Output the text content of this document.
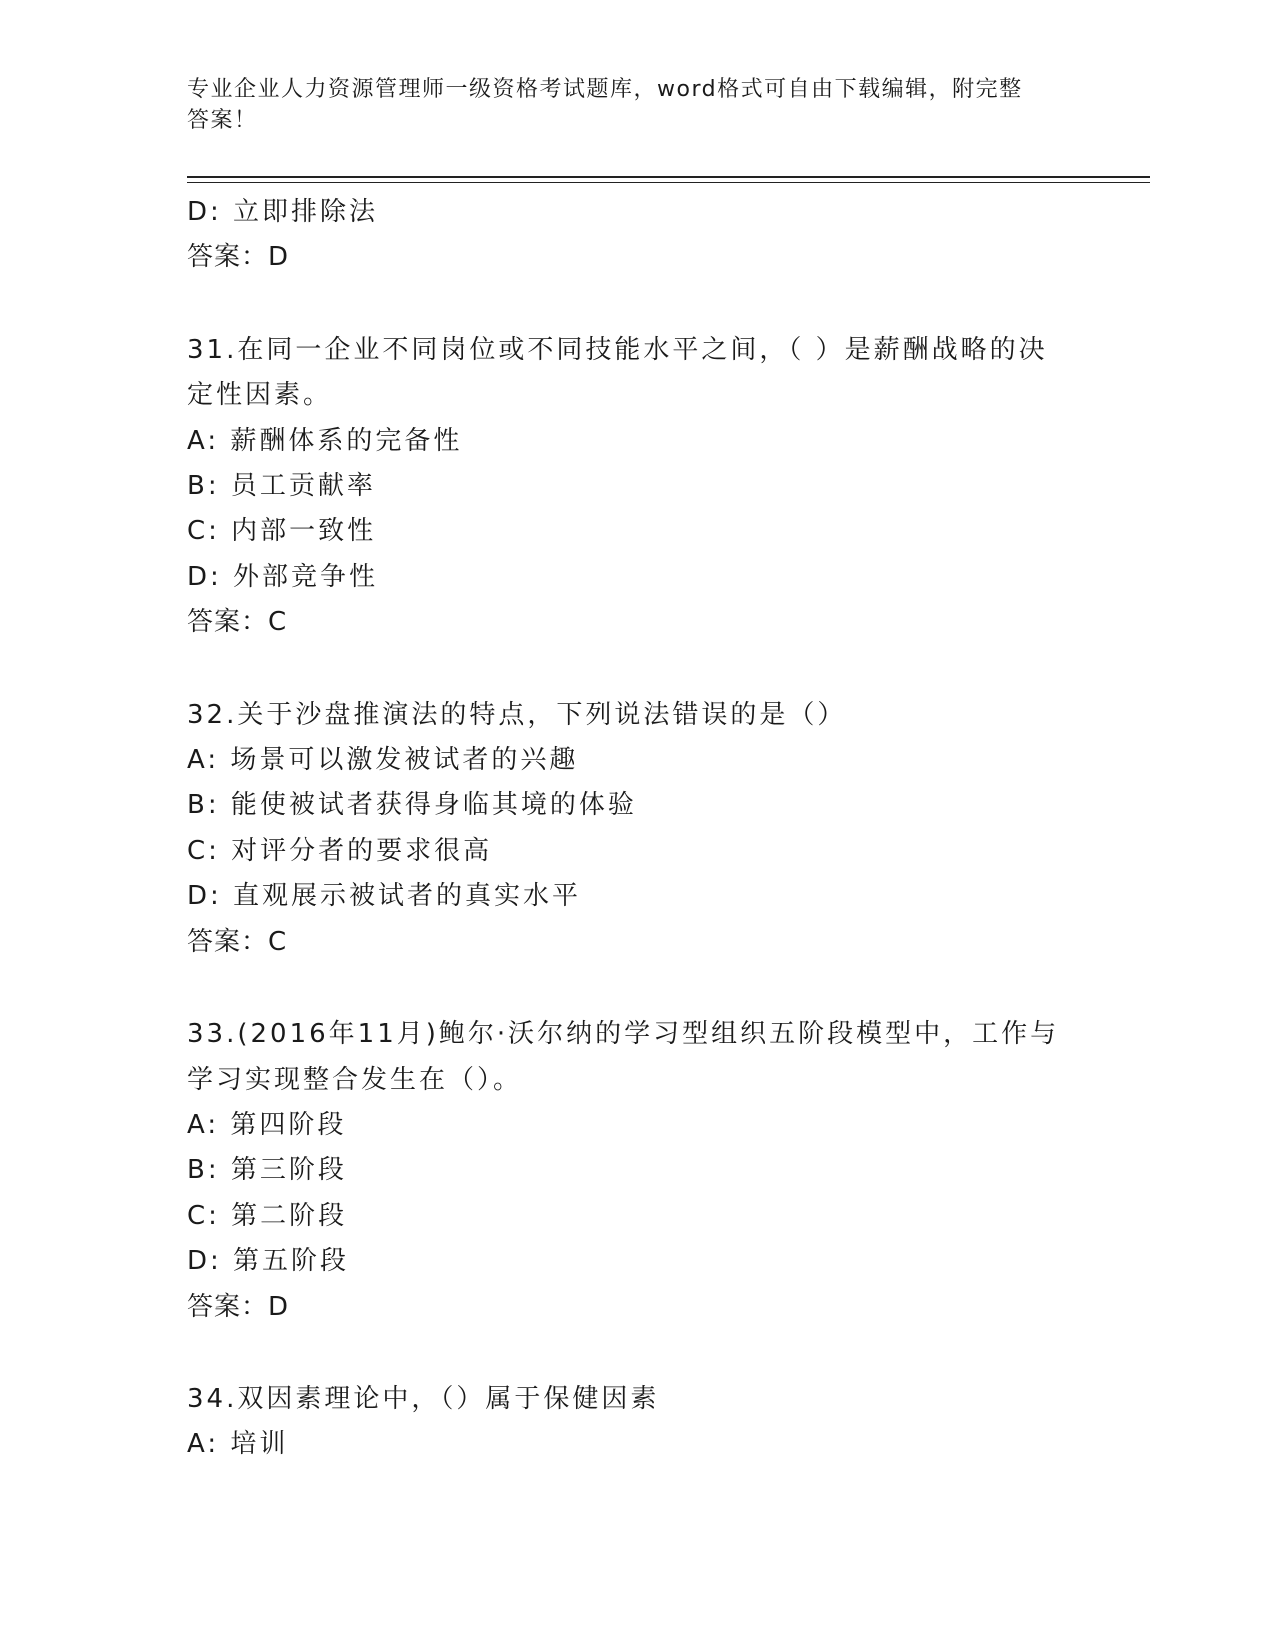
专业企业人力资源管理师一级资格考试题库，word格式可自由下载编辑，附完整
答案！
D: 立即排除法
答案：D
31.在同一企业不同岗位或不同技能水平之间，（ ）是薪酬战略的决
定性因素。
A: 薪酬体系的完备性
B: 员工贡献率
C: 内部一致性
D: 外部竞争性
答案：C
32.关于沙盘推演法的特点，下列说法错误的是（）
A: 场景可以激发被试者的兴趣
B: 能使被试者获得身临其境的体验
C: 对评分者的要求很高
D: 直观展示被试者的真实水平
答案：C
33.(2016年11月)鲍尔·沃尔纳的学习型组织五阶段模型中，工作与
学习实现整合发生在（）。
A: 第四阶段
B: 第三阶段
C: 第二阶段
D: 第五阶段
答案：D
34.双因素理论中，（）属于保健因素
A: 培训
